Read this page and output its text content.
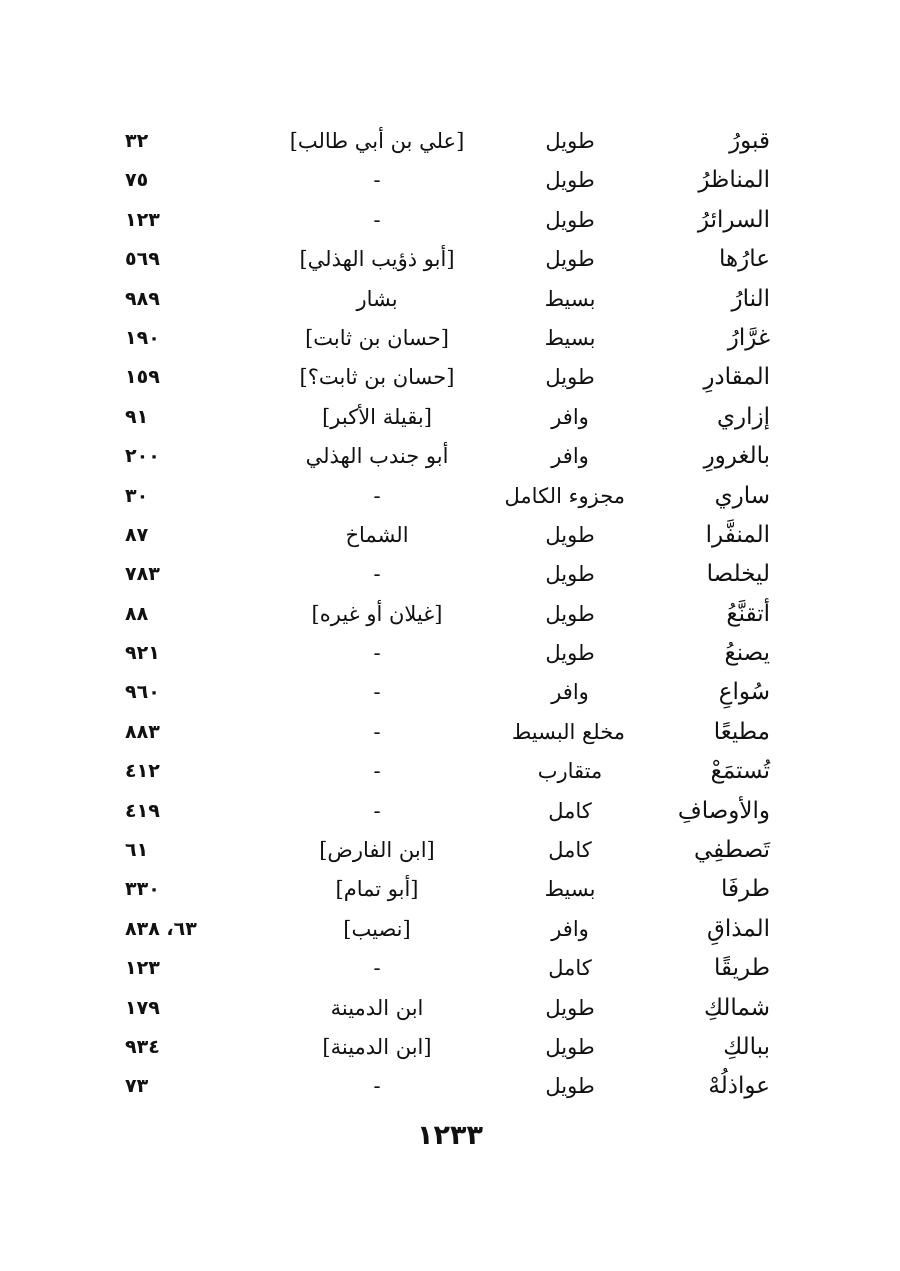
قبورُ
طويل
[علي بن أبي طالب]
٣٢
المناظرُ
طويل
-
٧٥
السرائرُ
طويل
-
١٢٣
عارُها
طويل
[أبو ذؤيب الهذلي]
٥٦٩
النارُ
بسيط
بشار
٩٨٩
غرَّارُ
بسيط
[حسان بن ثابت]
١٩٠
المقادرِ
طويل
[حسان بن ثابت؟]
١٥٩
إزاري
وافر
[بقيلة الأكبر]
٩١
بالغرورِ
وافر
أبو جندب الهذلي
٢٠٠
ساري
مجزوء الكامل
-
٣٠
المنفَّرا
طويل
الشماخ
٨٧
ليخلصا
طويل
-
٧٨٣
أتقنَّعُ
طويل
[غيلان أو غيره]
٨٨
يصنعُ
طويل
-
٩٢١
سُواعِ
وافر
-
٩٦٠
مطيعًا
مخلع البسيط
-
٨٨٣
تُستمَعْ
متقارب
-
٤١٢
والأوصافِ
كامل
-
٤١٩
تَصطفِي
كامل
[ابن الفارض]
٦١
طرفَا
بسيط
[أبو تمام]
٣٣٠
المذاقِ
وافر
[نصيب]
٦٣، ٨٣٨
طريقًا
كامل
-
١٢٣
شمالكِ
طويل
ابن الدمينة
١٧٩
ببالكِ
طويل
[ابن الدمينة]
٩٣٤
عواذلُهْ
طويل
-
٧٣
١٢٣٣
